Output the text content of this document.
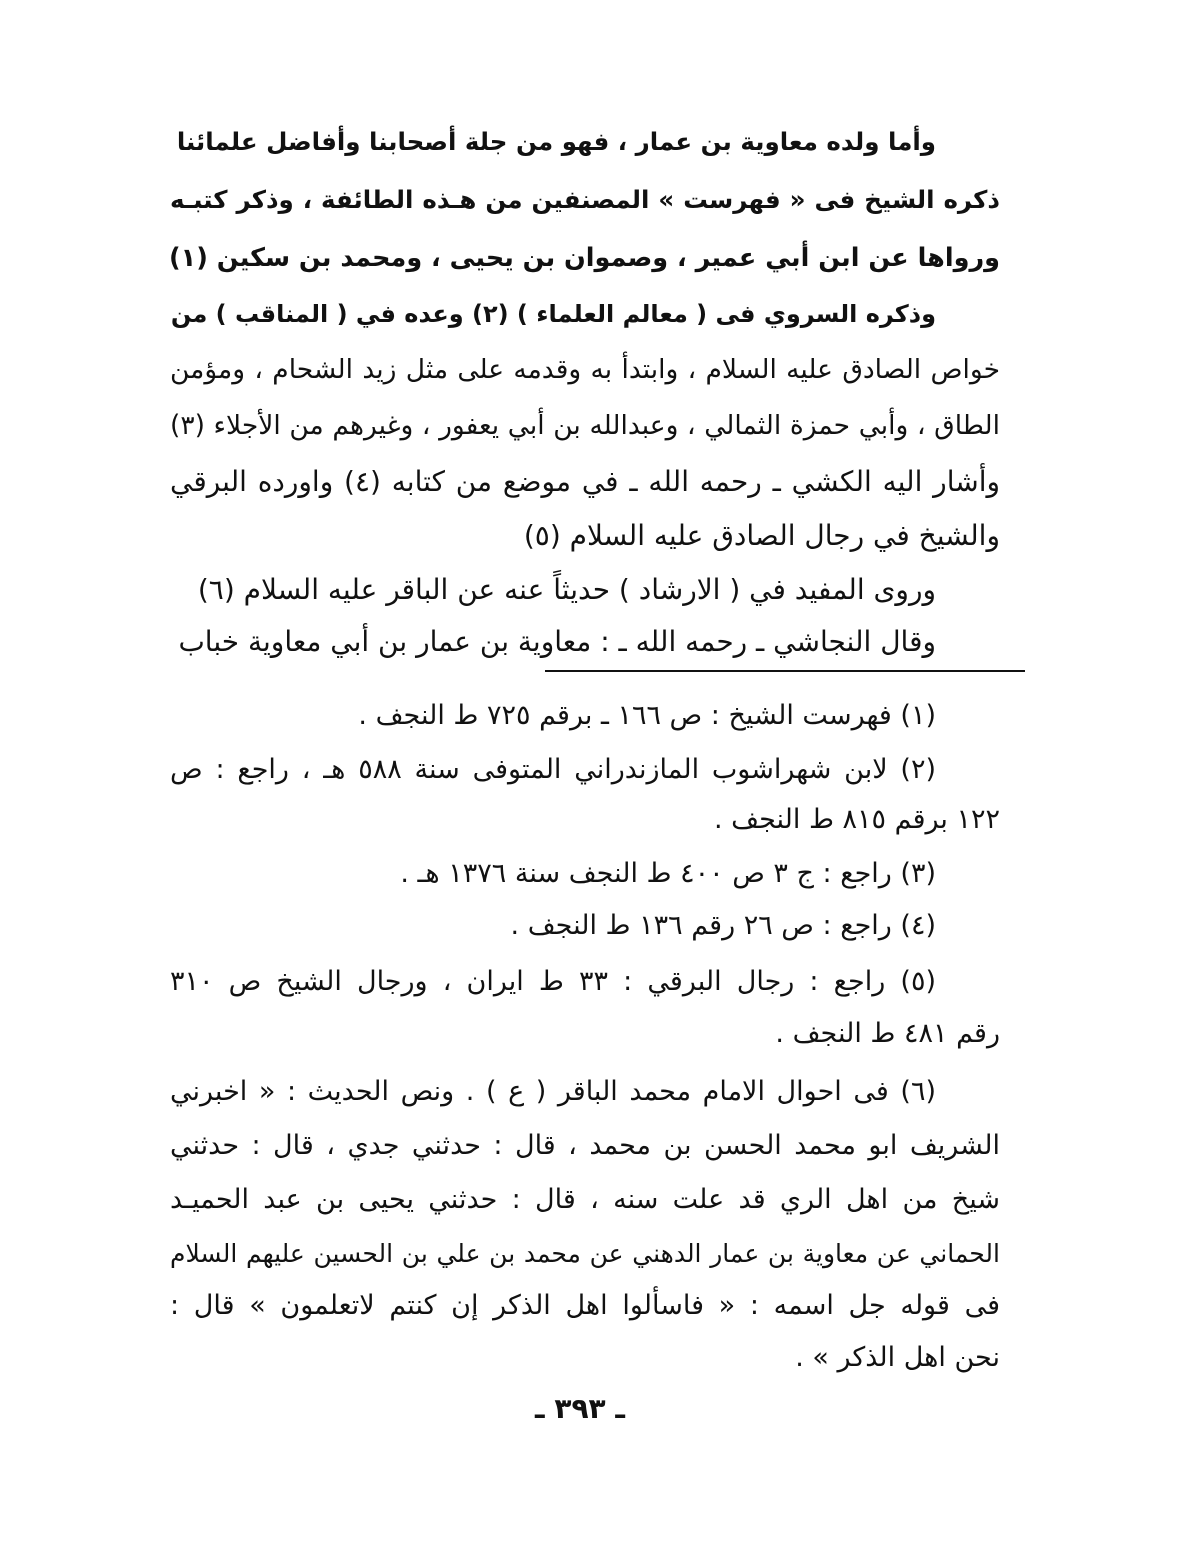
وأما ولده معاوية بن عمار ، فهو من جلة أصحابنا وأفاضل علمائنا
ذكره الشيخ فى « فهرست » المصنفين من هـذه الطائفة ، وذكر كتبـه
ورواها عن ابن أبي عمير ، وصموان بن يحيى ، ومحمد بن سكين (١)
وذكره السروي فى ( معالم العلماء ) (٢) وعده في ( المناقب ) من
خواص الصادق عليه السلام ، وابتدأ به وقدمه على مثل زيد الشحام ، ومؤمن
الطاق ، وأبي حمزة الثمالي ، وعبدالله بن أبي يعفور ، وغيرهم من الأجلاء (٣)
وأشار اليه الكشي ـ رحمه الله ـ في موضع من كتابه (٤) واورده البرقي
والشيخ في رجال الصادق عليه السلام (٥)
وروى المفيد في ( الارشاد ) حديثاً عنه عن الباقر عليه السلام (٦)
وقال النجاشي ـ رحمه الله ـ : معاوية بن عمار بن أبي معاوية خباب
(١) فهرست الشيخ : ص ١٦٦ ـ برقم ٧٢٥ ط النجف .
(٢) لابن شهراشوب المازندراني المتوفى سنة ٥٨٨ هـ ، راجع : ص
١٢٢ برقم ٨١٥ ط النجف .
(٣) راجع : ج ٣ ص ٤٠٠ ط النجف سنة ١٣٧٦ هـ .
(٤) راجع : ص ٢٦ رقم ١٣٦ ط النجف .
(٥) راجع : رجال البرقي : ٣٣ ط ايران ، ورجال الشيخ ص ٣١٠
رقم ٤٨١ ط النجف .
(٦) فى احوال الامام محمد الباقر ( ع ) . ونص الحديث : « اخبرني
الشريف ابو محمد الحسن بن محمد ، قال : حدثني جدي ، قال : حدثني
شيخ من اهل الري قد علت سنه ، قال : حدثني يحيى بن عبد الحميـد
الحماني عن معاوية بن عمار الدهني عن محمد بن علي بن الحسين عليهم السلام
فى قوله جل اسمه : « فاسألوا اهل الذكر إن كنتم لاتعلمون » قال :
نحن اهل الذكر » .
ـ ٣٩٣ ـ
